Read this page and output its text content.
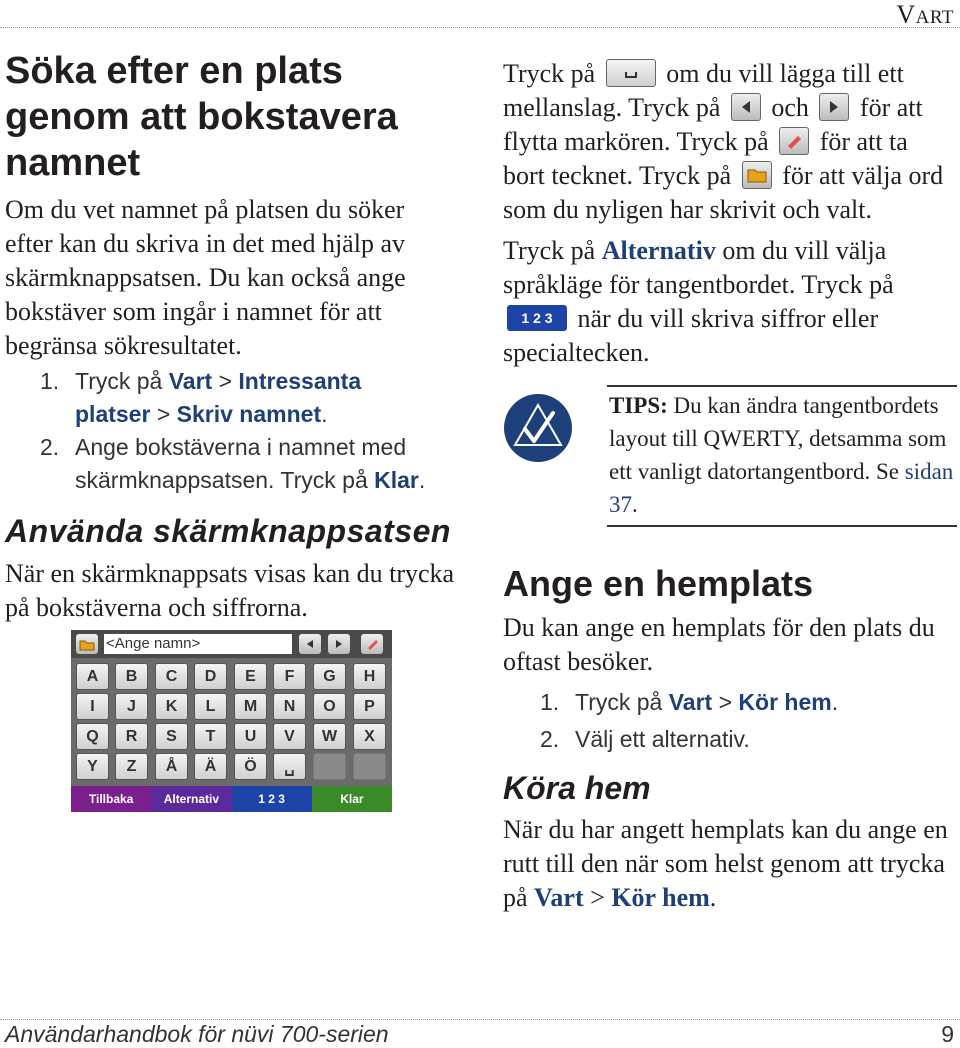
VART
Söka efter en plats genom att bokstavera namnet
Om du vet namnet på platsen du söker efter kan du skriva in det med hjälp av skärmknappsatsen. Du kan också ange bokstäver som ingår i namnet för att begränsa sökresultatet.
1. Tryck på Vart > Intressanta platser > Skriv namnet.
2. Ange bokstäverna i namnet med skärmknappsatsen. Tryck på Klar.
Använda skärmknappsatsen
När en skärmknappsats visas kan du trycka på bokstäverna och siffrorna.
<Ange namn>
A	B	C	D	E	F	G	H
I	J	K	L	M	N	O	P
Q	R	S	T	U	V	W	X
Y	Z	Å	Ä	Ö	␣
Tillbaka	Alternativ	1 2 3	Klar
Tryck på
om du vill lägga till ett mellanslag. Tryck på
och
för att flytta markören. Tryck på
för att ta bort tecknet. Tryck på
för att välja ord som du nyligen har skrivit och valt.
Tryck på Alternativ om du vill välja språkläge för tangentbordet. Tryck på 1 2 3 när du vill skriva siffror eller specialtecken.
TIPS: Du kan ändra tangentbordets layout till QWERTY, detsamma som ett vanligt datortangentbord. Se sidan 37.
Ange en hemplats
Du kan ange en hemplats för den plats du oftast besöker.
1. Tryck på Vart > Kör hem.
2. Välj ett alternativ.
Köra hem
När du har angett hemplats kan du ange en rutt till den när som helst genom att trycka på Vart > Kör hem.
Användarhandbok för nüvi 700-serien	9
